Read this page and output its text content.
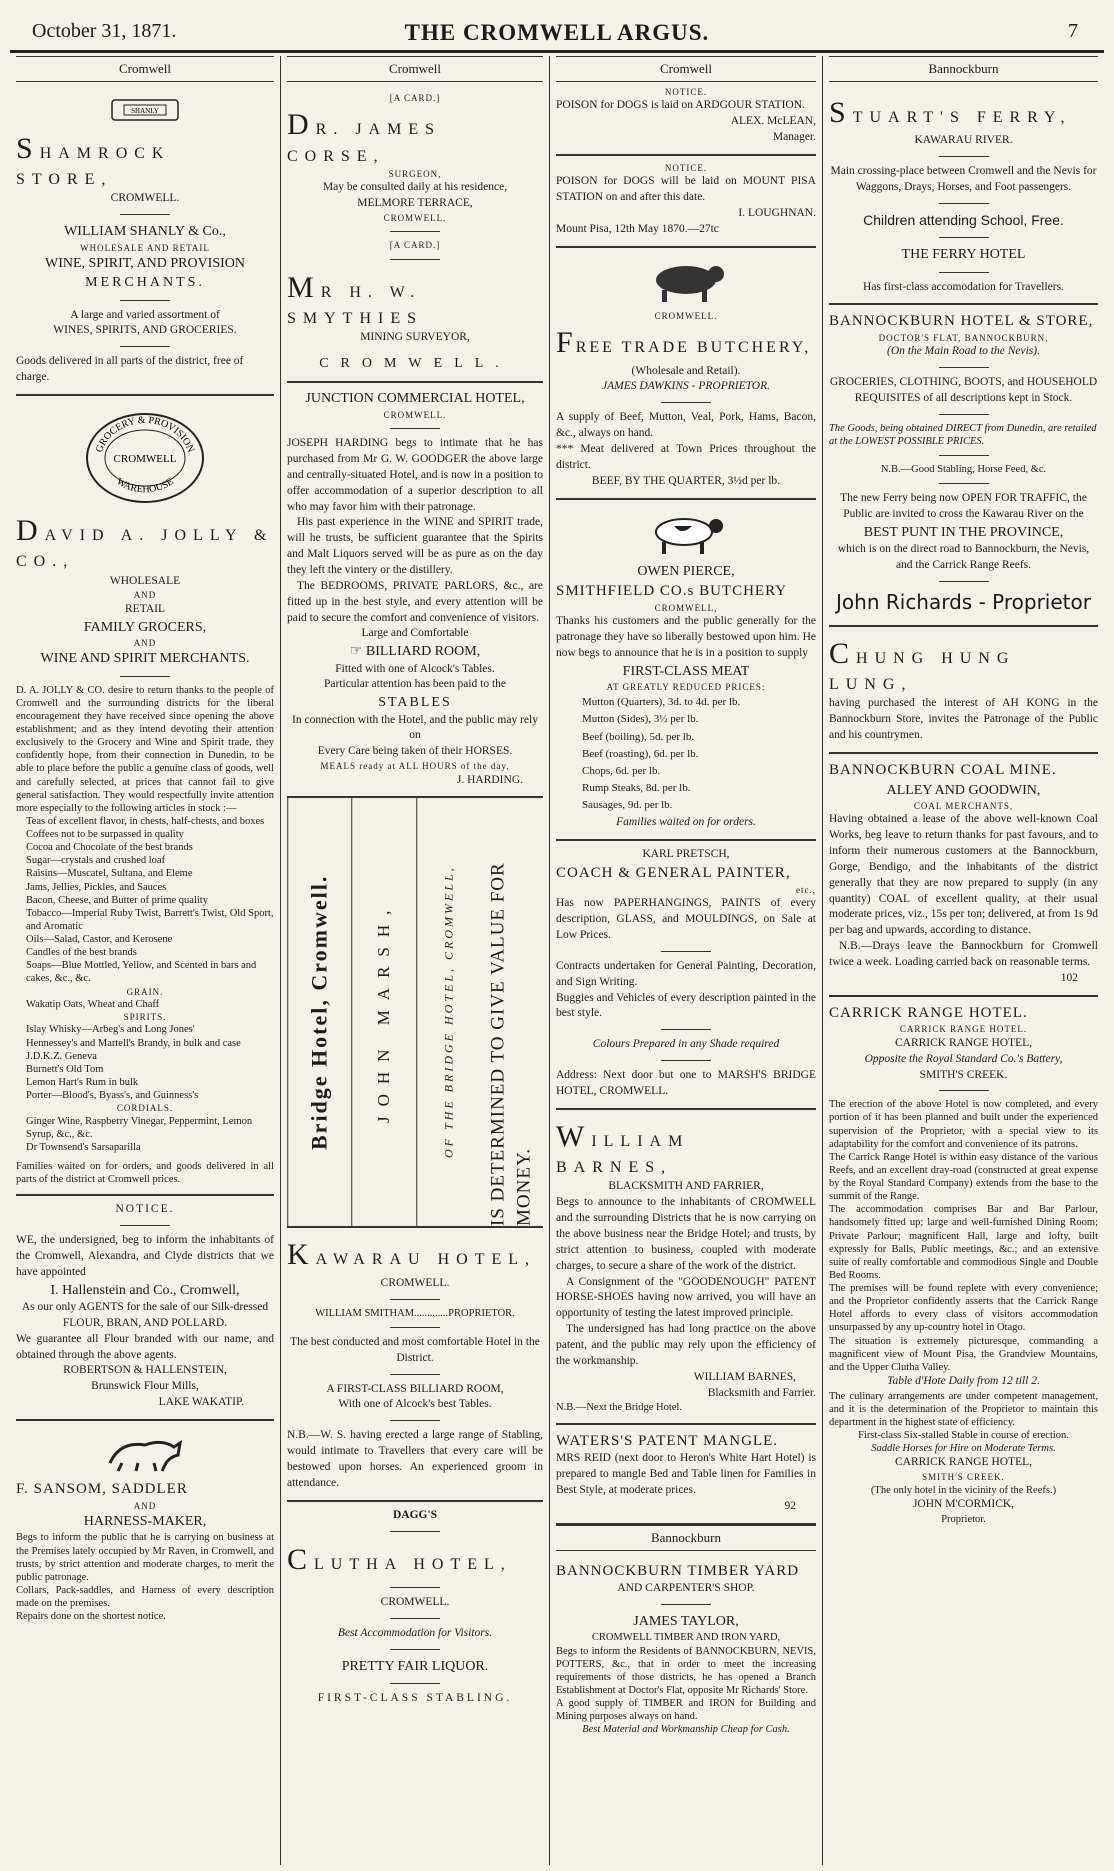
October 31, 1871.	THE CROMWELL ARGUS.	7
Cromwell
SHANLY
SHAMROCK STORE,
CROMWELL.
WILLIAM SHANLY & Co.,
WHOLESALE AND RETAIL
WINE, SPIRIT, AND PROVISION
MERCHANTS.
A large and varied assortment of
WINES, SPIRITS, AND GROCERIES.
Goods delivered in all parts of the district, free of charge.
GROCERY & PROVISION
CROMWELL
WAREHOUSE
DAVID A. JOLLY & CO.,
WHOLESALE
AND
RETAIL
FAMILY GROCERS,
AND
WINE AND SPIRIT MERCHANTS.
D. A. JOLLY & CO. desire to return thanks to the people of Cromwell and the surrounding districts for the liberal encouragement they have received since opening the above establishment; and as they intend devoting their attention exclusively to the Grocery and Wine and Spirit trade, they confidently hope, from their connection in Dunedin, to be able to place before the public a genuine class of goods, well and carefully selected, at prices that cannot fail to give general satisfaction. They would respectfully invite attention more especially to the following articles in stock :—
Teas of excellent flavor, in chests, half-chests, and boxes
Coffees not to be surpassed in quality
Cocoa and Chocolate of the best brands
Sugar—crystals and crushed loaf
Raisins—Muscatel, Sultana, and Eleme
Jams, Jellies, Pickles, and Sauces
Bacon, Cheese, and Butter of prime quality
Tobacco—Imperial Ruby Twist, Barrett's Twist, Old Sport, and Aromatic
Oils—Salad, Castor, and Kerosene
Candles of the best brands
Soaps—Blue Mottled, Yellow, and Scented in bars and cakes, &c., &c.
GRAIN.
Wakatip Oats, Wheat and Chaff
SPIRITS.
Islay Whisky—Arbeg's and Long Jones'
Hennessey's and Martell's Brandy, in bulk and case
J.D.K.Z. Geneva
Burnett's Old Tom
Lemon Hart's Rum in bulk
Porter—Blood's, Byass's, and Guinness's
CORDIALS.
Ginger Wine, Raspberry Vinegar, Peppermint, Lemon Syrup, &c., &c.
Dr Townsend's Sarsaparilla
Families waited on for orders, and goods delivered in all parts of the district at Cromwell prices.
NOTICE.
WE, the undersigned, beg to inform the inhabitants of the Cromwell, Alexandra, and Clyde districts that we have appointed
I. Hallenstein and Co., Cromwell,
As our only AGENTS for the sale of our Silk-dressed
FLOUR, BRAN, AND POLLARD.
We guarantee all Flour branded with our name, and obtained through the above agents.
ROBERTSON & HALLENSTEIN,
Brunswick Flour Mills,
LAKE WAKATIP.
F. SANSOM, SADDLER
AND
HARNESS-MAKER,
Begs to inform the public that he is carrying on business at the Premises lately occupied by Mr Raven, in Cromwell, and trusts, by strict attention and moderate charges, to merit the public patronage.
Collars, Pack-saddles, and Harness of every description made on the premises.
Repairs done on the shortest notice.
Cromwell
[A CARD.]
DR. JAMES CORSE,
SURGEON,
May be consulted daily at his residence,
MELMORE TERRACE,
CROMWELL.
[A CARD.]
MR H. W. SMYTHIES
MINING SURVEYOR,
CROMWELL.
JUNCTION COMMERCIAL HOTEL,
CROMWELL.
JOSEPH HARDING begs to intimate that he has purchased from Mr G. W. GOODGER the above large and centrally-situated Hotel, and is now in a position to offer accommodation of a superior description to all who may favor him with their patronage.
His past experience in the WINE and SPIRIT trade, will he trusts, be sufficient guarantee that the Spirits and Malt Liquors served will be as pure as on the day they left the vintery or the distillery.
The BEDROOMS, PRIVATE PARLORS, &c., are fitted up in the best style, and every attention will be paid to secure the comfort and convenience of visitors.
Large and Comfortable
☞ BILLIARD ROOM,
Fitted with one of Alcock's Tables.
Particular attention has been paid to the
STABLES
In connection with the Hotel, and the public may rely on
Every Care being taken of their HORSES.
MEALS ready at ALL HOURS of the day.
J. HARDING.
Bridge Hotel, Cromwell.	JOHN MARSH,	OF THE BRIDGE HOTEL, CROMWELL,	IS DETERMINED TO GIVE VALUE FOR MONEY.
KAWARAU HOTEL,
CROMWELL.
WILLIAM SMITHAM.............PROPRIETOR.
The best conducted and most comfortable Hotel in the District.
A FIRST-CLASS BILLIARD ROOM,
With one of Alcock's best Tables.
N.B.—W. S. having erected a large range of Stabling, would intimate to Travellers that every care will be bestowed upon horses. An experienced groom in attendance.
DAGG'S
CLUTHA HOTEL,
CROMWELL.
Best Accommodation for Visitors.
PRETTY FAIR LIQUOR.
FIRST-CLASS STABLING.
Cromwell
NOTICE.
POISON for DOGS is laid on ARDGOUR STATION.
ALEX. McLEAN,
Manager.
NOTICE.
POISON for DOGS will be laid on MOUNT PISA STATION on and after this date.
I. LOUGHNAN.
Mount Pisa, 12th May 1870.—27tc
CROMWELL.
FREE TRADE BUTCHERY,
(Wholesale and Retail).
JAMES DAWKINS - PROPRIETOR.
A supply of Beef, Mutton, Veal, Pork, Hams, Bacon, &c., always on hand.
*** Meat delivered at Town Prices throughout the district.
BEEF, BY THE QUARTER, 3½d per lb.
OWEN PIERCE,
SMITHFIELD CO.s BUTCHERY
CROMWELL,
Thanks his customers and the public generally for the patronage they have so liberally bestowed upon him. He now begs to announce that he is in a position to supply
FIRST-CLASS MEAT
AT GREATLY REDUCED PRICES:
Mutton (Quarters), 3d. to 4d. per lb.
Mutton (Sides), 3½ per lb.
Beef (boiling), 5d. per lb.
Beef (roasting), 6d. per lb.
Chops, 6d. per lb.
Rump Steaks, 8d. per lb.
Sausages, 9d. per lb.
Families waited on for orders.
KARL PRETSCH,
COACH & GENERAL PAINTER,
etc.,
Has now PAPERHANGINGS, PAINTS of every description, GLASS, and MOULDINGS, on Sale at Low Prices.
Contracts undertaken for General Painting, Decoration, and Sign Writing.
Buggies and Vehicles of every description painted in the best style.
Colours Prepared in any Shade required
Address: Next door but one to MARSH'S BRIDGE HOTEL, CROMWELL.
WILLIAM BARNES,
BLACKSMITH AND FARRIER,
Begs to announce to the inhabitants of CROMWELL and the surrounding Districts that he is now carrying on the above business near the Bridge Hotel; and trusts, by strict attention to business, coupled with moderate charges, to secure a share of the work of the district.
A Consignment of the "GOODENOUGH" PATENT HORSE-SHOES having now arrived, you will have an opportunity of testing the latest improved principle.
The undersigned has had long practice on the above patent, and the public may rely upon the efficiency of the workmanship.
WILLIAM BARNES,
Blacksmith and Farrier.
N.B.—Next the Bridge Hotel.
WATERS'S PATENT MANGLE.
MRS REID (next door to Heron's White Hart Hotel) is prepared to mangle Bed and Table linen for Families in Best Style, at moderate prices.
92
Bannockburn
BANNOCKBURN TIMBER YARD
AND CARPENTER'S SHOP.
JAMES TAYLOR,
CROMWELL TIMBER AND IRON YARD,
Begs to inform the Residents of BANNOCKBURN, NEVIS, POTTERS, &c., that in order to meet the increasing requirements of those districts, he has opened a Branch Establishment at Doctor's Flat, opposite Mr Richards' Store.
A good supply of TIMBER and IRON for Building and Mining purposes always on hand.
Best Material and Workmanship Cheap for Cash.
Bannockburn
STUART'S FERRY,
KAWARAU RIVER.
Main crossing-place between Cromwell and the Nevis for Waggons, Drays, Horses, and Foot passengers.
Children attending School, Free.
THE FERRY HOTEL
Has first-class accomodation for Travellers.
BANNOCKBURN HOTEL & STORE,
DOCTOR'S FLAT, BANNOCKBURN,
(On the Main Road to the Nevis).
GROCERIES, CLOTHING, BOOTS, and HOUSEHOLD REQUISITES of all descriptions kept in Stock.
The Goods, being obtained DIRECT from Dunedin, are retailed at the LOWEST POSSIBLE PRICES.
N.B.—Good Stabling, Horse Feed, &c.
The new Ferry being now OPEN FOR TRAFFIC, the Public are invited to cross the Kawarau River on the
BEST PUNT IN THE PROVINCE,
which is on the direct road to Bannockburn, the Nevis, and the Carrick Range Reefs.
John Richards - Proprietor
CHUNG HUNG LUNG,
having purchased the interest of AH KONG in the Bannockburn Store, invites the Patronage of the Public and his countrymen.
BANNOCKBURN COAL MINE.
ALLEY AND GOODWIN,
COAL MERCHANTS,
Having obtained a lease of the above well-known Coal Works, beg leave to return thanks for past favours, and to inform their numerous customers at the Bannockburn, Gorge, Bendigo, and the inhabitants of the district generally that they are now prepared to supply (in any quantity) COAL of excellent quality, at their usual moderate prices, viz., 15s per ton; delivered, at from 1s 9d per bag and upwards, according to distance.
N.B.—Drays leave the Bannockburn for Cromwell twice a week. Loading carried back on reasonable terms.
102
CARRICK RANGE HOTEL.
CARRICK RANGE HOTEL.
CARRICK RANGE HOTEL,
Opposite the Royal Standard Co.'s Battery,
SMITH'S CREEK.
The erection of the above Hotel is now completed, and every portion of it has been planned and built under the experienced supervision of the Proprietor, with a special view to its adaptability for the comfort and convenience of its patrons.
The Carrick Range Hotel is within easy distance of the various Reefs, and an excellent dray-road (constructed at great expense by the Royal Standard Company) extends from the base to the summit of the Range.
The accommodation comprises Bar and Bar Parlour, handsomely fitted up; large and well-furnished Dining Room; Private Parlour; magnificent Hall, large and lofty, built expressly for Balls, Public meetings, &c.; and an extensive suite of really comfortable and commodious Single and Double Bed Rooms.
The premises will be found replete with every convenience; and the Proprietor confidently asserts that the Carrick Range Hotel affords to every class of visitors accommodation unsurpassed by any up-country hotel in Otago.
The situation is extremely picturesque, commanding a magnificent view of Mount Pisa, the Grandview Mountains, and the Upper Clutha Valley.
Table d'Hote Daily from 12 till 2.
The culinary arrangements are under competent management, and it is the determination of the Proprietor to maintain this department in the highest state of efficiency.
First-class Six-stalled Stable in course of erection.
Saddle Horses for Hire on Moderate Terms.
CARRICK RANGE HOTEL,
SMITH'S CREEK.
(The only hotel in the vicinity of the Reefs.)
JOHN M'CORMICK,
Proprietor.
